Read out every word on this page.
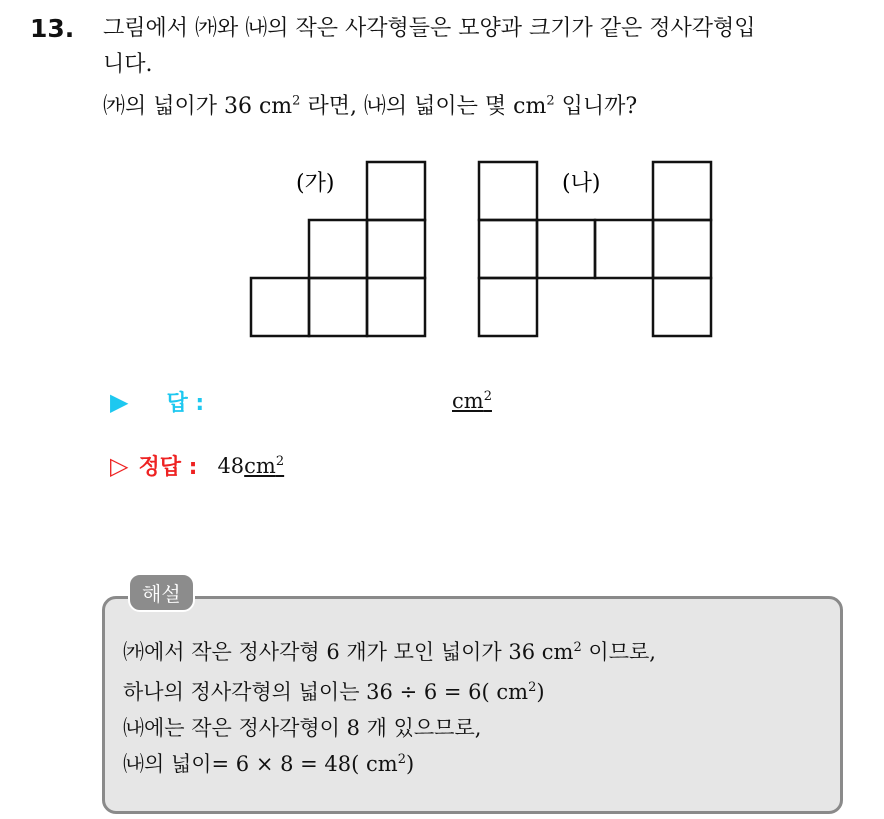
13. 그림에서 ㈎와 ㈏의 작은 사각형들은 모양과 크기가 같은 정사각형입
니다.
㈎의 넓이가 36 $cm^2$ 라면, ㈏의 넓이는 몇 $cm^2$ 입니까?
(가)	(나)
▶ 답 :	$cm^2$
▷ 정답 : 48 $cm^2$
해설
㈎에서 작은 정사각형 6 개가 모인 넓이가 36 $cm^2$ 이므로,
하나의 정사각형의 넓이는 36 ÷ 6 = 6( $cm^2$)
㈏에는 작은 정사각형이 8 개 있으므로,
㈏의 넓이= 6 × 8 = 48( $cm^2$)
